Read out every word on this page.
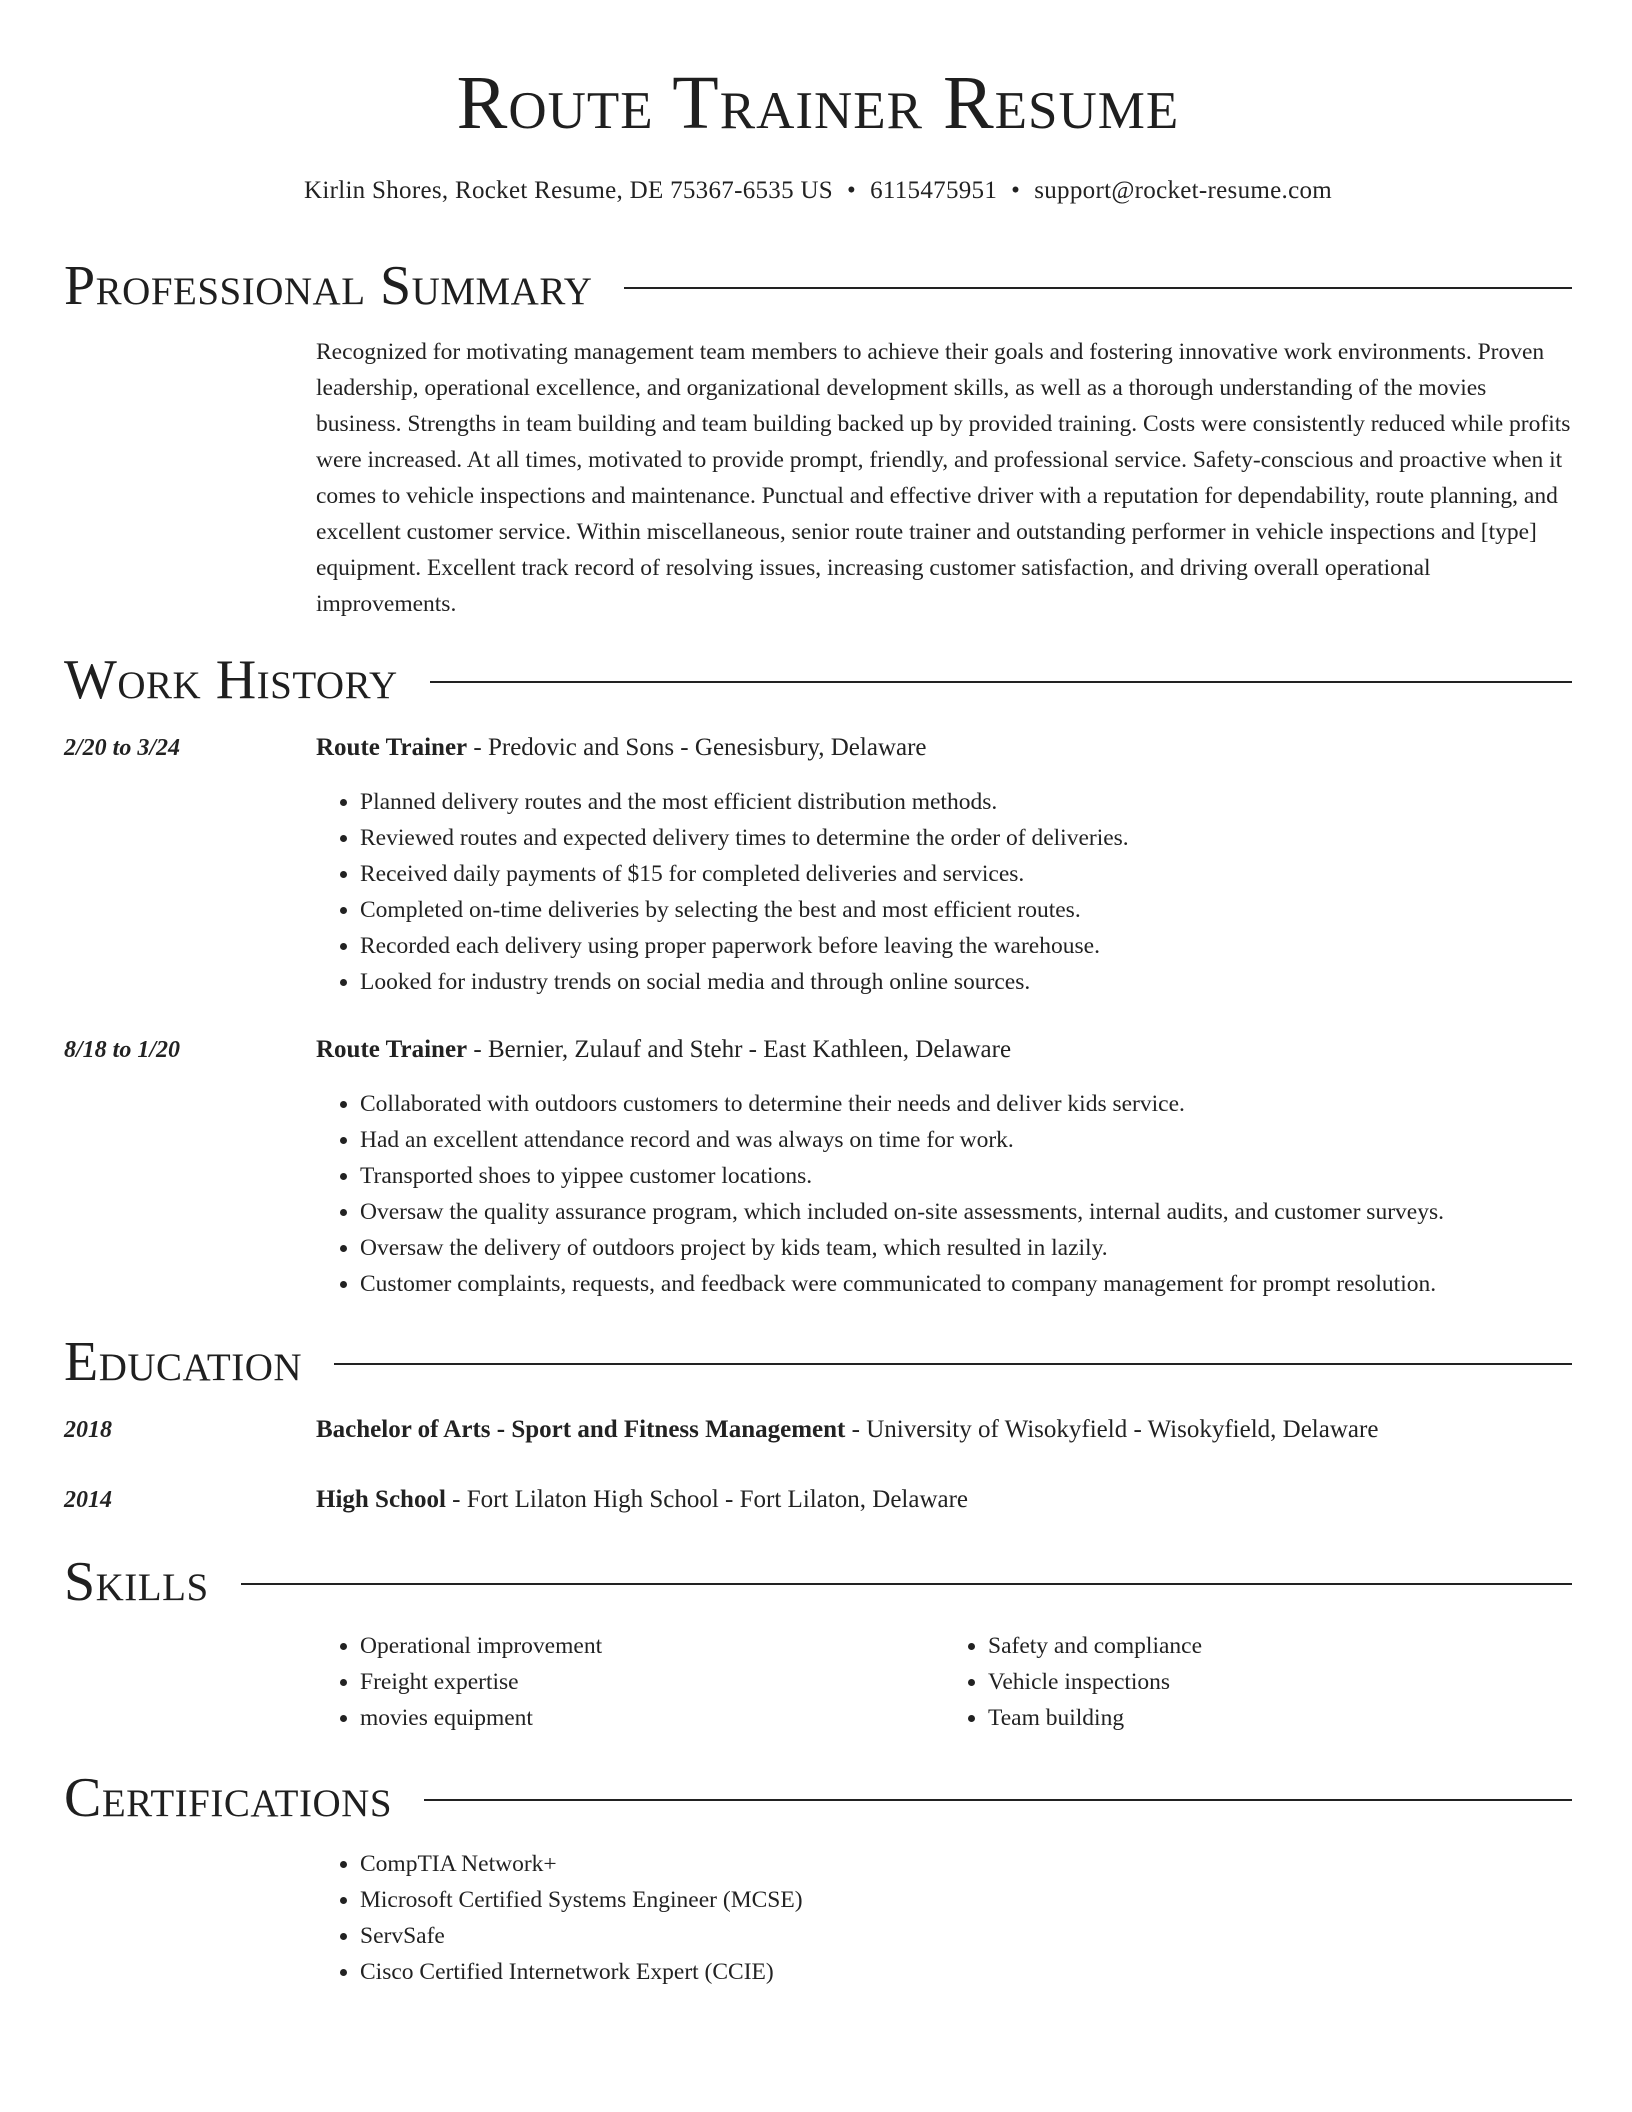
Route Trainer Resume
Kirlin Shores, Rocket Resume, DE 75367-6535 US • 6115475951 • support@rocket-resume.com
Professional Summary

Recognized for motivating management team members to achieve their goals and fostering innovative work environments. Proven leadership, operational excellence, and organizational development skills, as well as a thorough understanding of the movies business. Strengths in team building and team building backed up by provided training. Costs were consistently reduced while profits were increased. At all times, motivated to provide prompt, friendly, and professional service. Safety-conscious and proactive when it comes to vehicle inspections and maintenance. Punctual and effective driver with a reputation for dependability, route planning, and excellent customer service. Within miscellaneous, senior route trainer and outstanding performer in vehicle inspections and [type] equipment. Excellent track record of resolving issues, increasing customer satisfaction, and driving overall operational improvements.

Work History
2/20 to 3/24	Route Trainer - Predovic and Sons - Genesisbury, Delaware
• Planned delivery routes and the most efficient distribution methods.
• Reviewed routes and expected delivery times to determine the order of deliveries.
• Received daily payments of $15 for completed deliveries and services.
• Completed on-time deliveries by selecting the best and most efficient routes.
• Recorded each delivery using proper paperwork before leaving the warehouse.
• Looked for industry trends on social media and through online sources.
8/18 to 1/20	Route Trainer - Bernier, Zulauf and Stehr - East Kathleen, Delaware
• Collaborated with outdoors customers to determine their needs and deliver kids service.
• Had an excellent attendance record and was always on time for work.
• Transported shoes to yippee customer locations.
• Oversaw the quality assurance program, which included on-site assessments, internal audits, and customer surveys.
• Oversaw the delivery of outdoors project by kids team, which resulted in lazily.
• Customer complaints, requests, and feedback were communicated to company management for prompt resolution.
Education
2018	Bachelor of Arts - Sport and Fitness Management - University of Wisokyfield - Wisokyfield, Delaware
2014	High School - Fort Lilaton High School - Fort Lilaton, Delaware
Skills
• Operational improvement
• Freight expertise
• movies equipment
• Safety and compliance
• Vehicle inspections
• Team building
Certifications
• CompTIA Network+
• Microsoft Certified Systems Engineer (MCSE)
• ServSafe
• Cisco Certified Internetwork Expert (CCIE)
